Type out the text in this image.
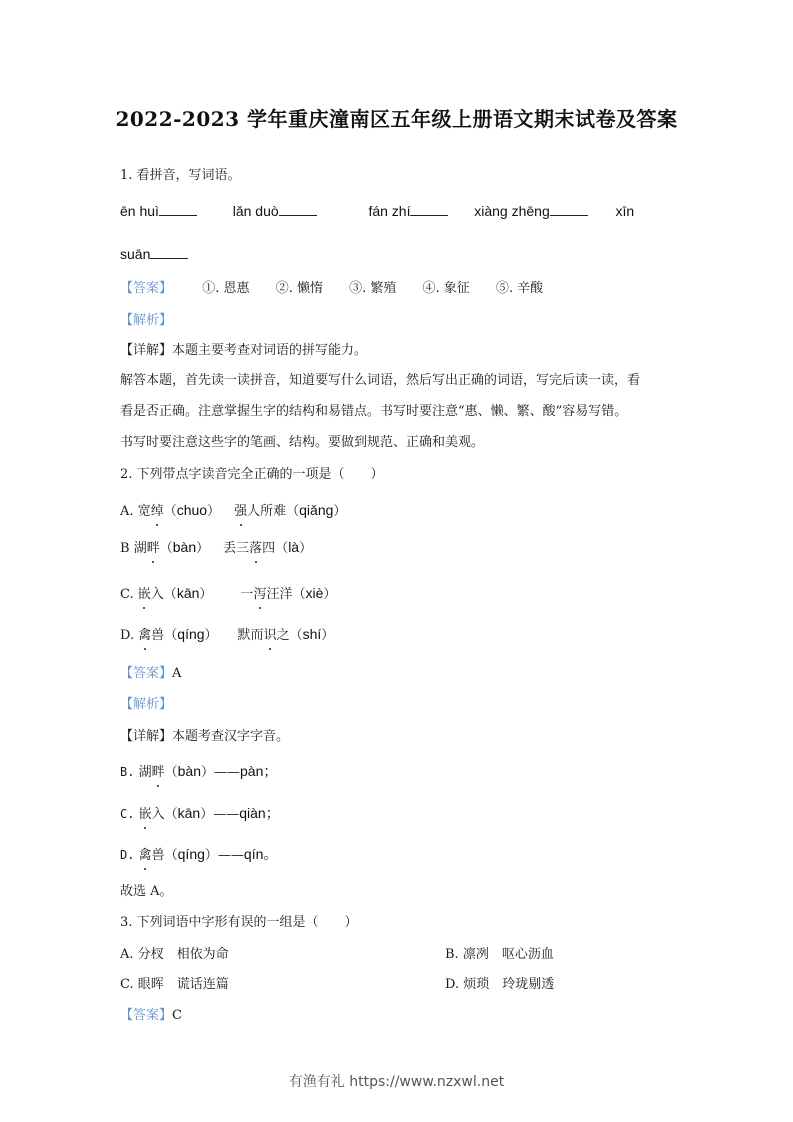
2022-2023 学年重庆潼南区五年级上册语文期末试卷及答案
1. 看拼音，写词语。
ēn huì	lǎn duò	fán zhí	xiàng zhēng	xīn
suān
【答案】 ①. 恩惠 ②. 懒惰 ③. 繁殖 ④. 象征 ⑤. 辛酸
【解析】
【详解】本题主要考查对词语的拼写能力。
解答本题，首先读一读拼音，知道要写什么词语，然后写出正确的词语，写完后读一读，看
看是否正确。注意掌握生字的结构和易错点。书写时要注意“惠、懒、繁、酸”容易写错。
书写时要注意这些字的笔画、结构。要做到规范、正确和美观。
2. 下列带点字读音完全正确的一项是（　　）
A. 宽绰（chuo） 强人所难（qiǎng）
B 湖畔（bàn） 丢三落四（là）
C. 嵌入（kān） 一泻汪洋（xiè）
D. 禽兽（qíng） 默而识之（shí）
【答案】A
【解析】
【详解】本题考查汉字字音。
B. 湖畔（bàn）——pàn；
C. 嵌入（kān）——qiàn；
D. 禽兽（qíng）——qín。
故选 A。
3. 下列词语中字形有误的一组是（　　）
A. 分杈　相依为命	B. 凛冽　呕心沥血
C. 眼晖　谎话连篇	D. 烦琐　玲珑剔透
【答案】C
有渔有礼 https://www.nzxwl.net
